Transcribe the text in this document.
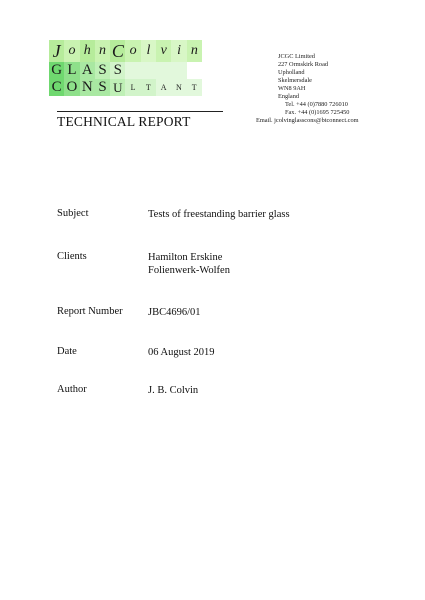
J o h n C o l v i n
G L A S S
C O N S U	L	T	A	N	T
JCGC Limited
227 Ormskirk Road
Upholland
Skelmersdale
WN8 9AH
England
Tel. +44 (0)7880 726010
Fax. +44 (0)1695 725450
Email. jcolvinglasscons@btconnect.com
TECHNICAL REPORT
Subject	Tests of freestanding barrier glass
Clients	Hamilton Erskine
Folienwerk-Wolfen
Report Number JBC4696/01
Date	06 August 2019
Author	J. B. Colvin
